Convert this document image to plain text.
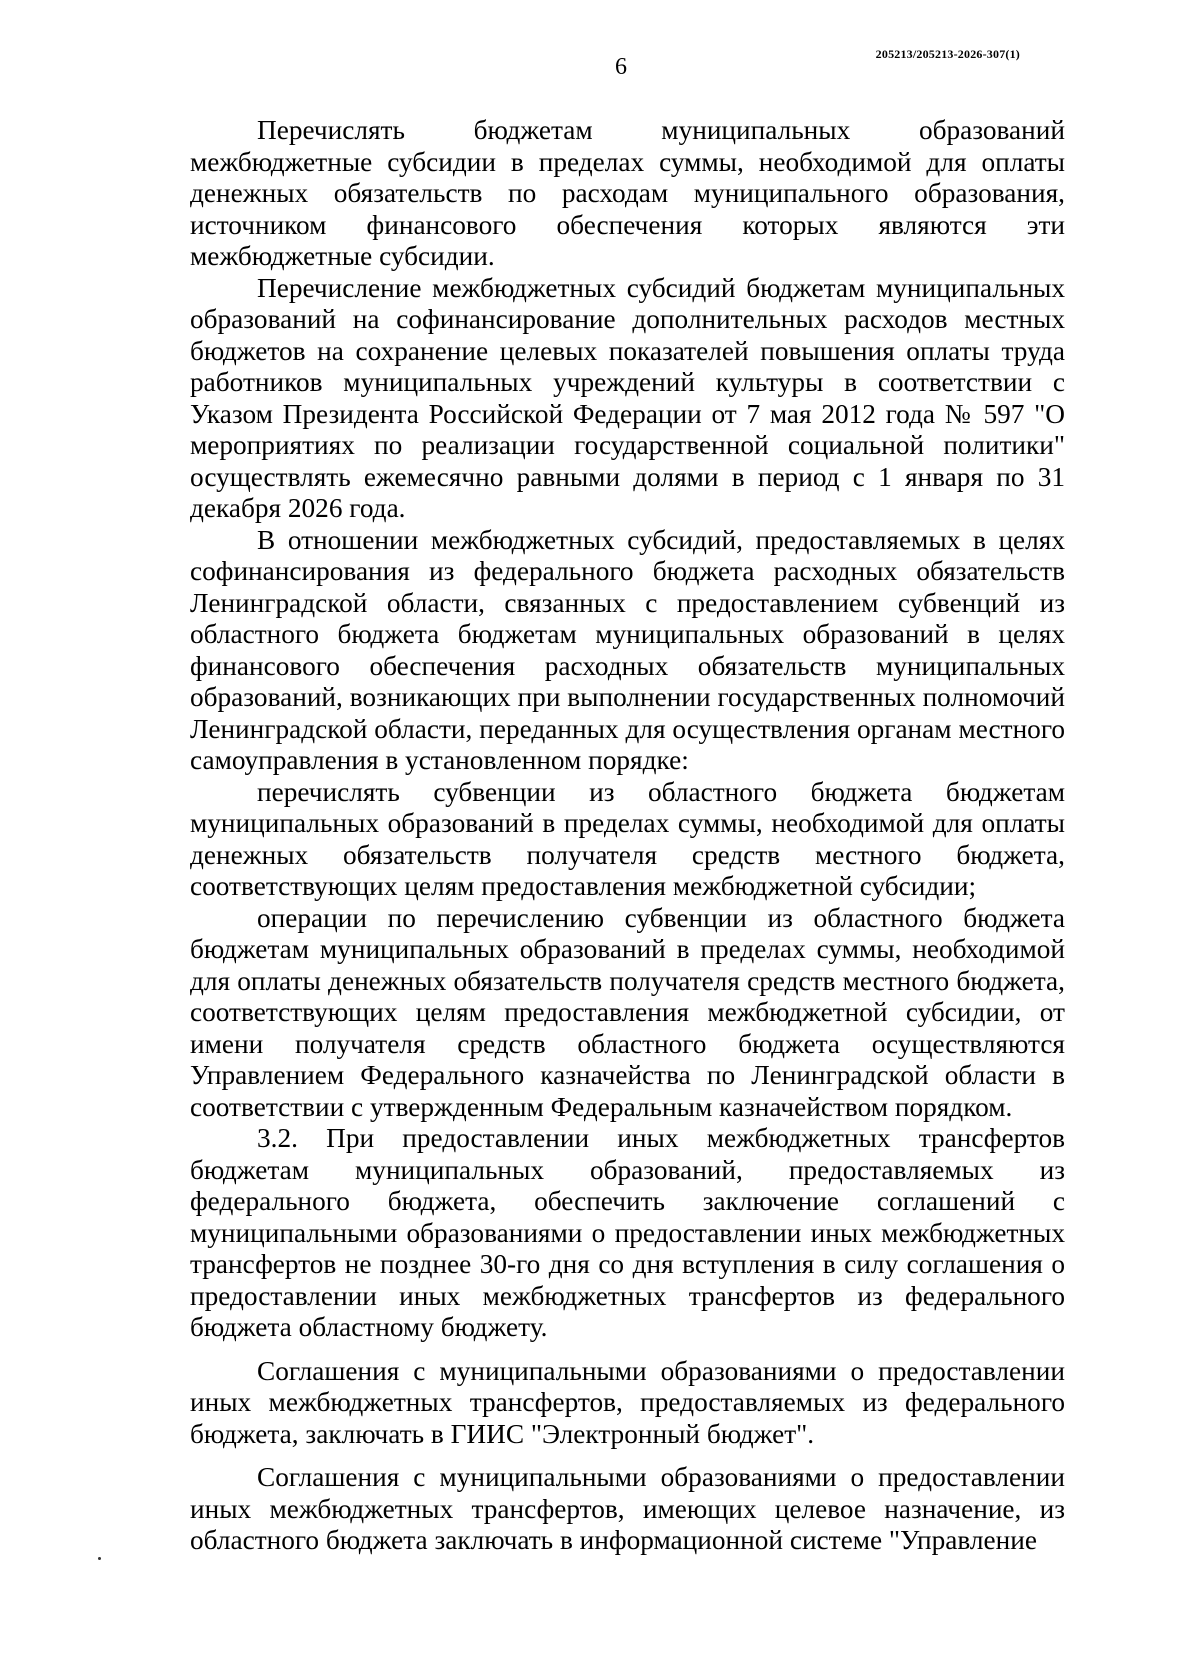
205213/205213-2026-307(1)
6

Перечислять бюджетам муниципальных образований межбюджетные субсидии в пределах суммы, необходимой для оплаты денежных обязательств по расходам муниципального образования, источником финансового обеспечения которых являются эти межбюджетные субсидии.

Перечисление межбюджетных субсидий бюджетам муниципальных образований на софинансирование дополнительных расходов местных бюджетов на сохранение целевых показателей повышения оплаты труда работников муниципальных учреждений культуры в соответствии с Указом Президента Российской Федерации от 7 мая 2012 года № 597 "О мероприятиях по реализации государственной социальной политики" осуществлять ежемесячно равными долями в период с 1 января по 31 декабря 2026 года.

В отношении межбюджетных субсидий, предоставляемых в целях софинансирования из федерального бюджета расходных обязательств Ленинградской области, связанных с предоставлением субвенций из областного бюджета бюджетам муниципальных образований в целях финансового обеспечения расходных обязательств муниципальных образований, возникающих при выполнении государственных полномочий Ленинградской области, переданных для осуществления органам местного самоуправления в установленном порядке:

перечислять субвенции из областного бюджета бюджетам муниципальных образований в пределах суммы, необходимой для оплаты денежных обязательств получателя средств местного бюджета, соответствующих целям предоставления межбюджетной субсидии;

операции по перечислению субвенции из областного бюджета бюджетам муниципальных образований в пределах суммы, необходимой для оплаты денежных обязательств получателя средств местного бюджета, соответствующих целям предоставления межбюджетной субсидии, от имени получателя средств областного бюджета осуществляются Управлением Федерального казначейства по Ленинградской области в соответствии с утвержденным Федеральным казначейством порядком.

3.2. При предоставлении иных межбюджетных трансфертов бюджетам муниципальных образований, предоставляемых из федерального бюджета, обеспечить заключение соглашений с муниципальными образованиями о предоставлении иных межбюджетных трансфертов не позднее 30-го дня со дня вступления в силу соглашения о предоставлении иных межбюджетных трансфертов из федерального бюджета областному бюджету.

Соглашения с муниципальными образованиями о предоставлении иных межбюджетных трансфертов, предоставляемых из федерального бюджета, заключать в ГИИС "Электронный бюджет".

Соглашения с муниципальными образованиями о предоставлении иных межбюджетных трансфертов, имеющих целевое назначение, из областного бюджета заключать в информационной системе "Управление
